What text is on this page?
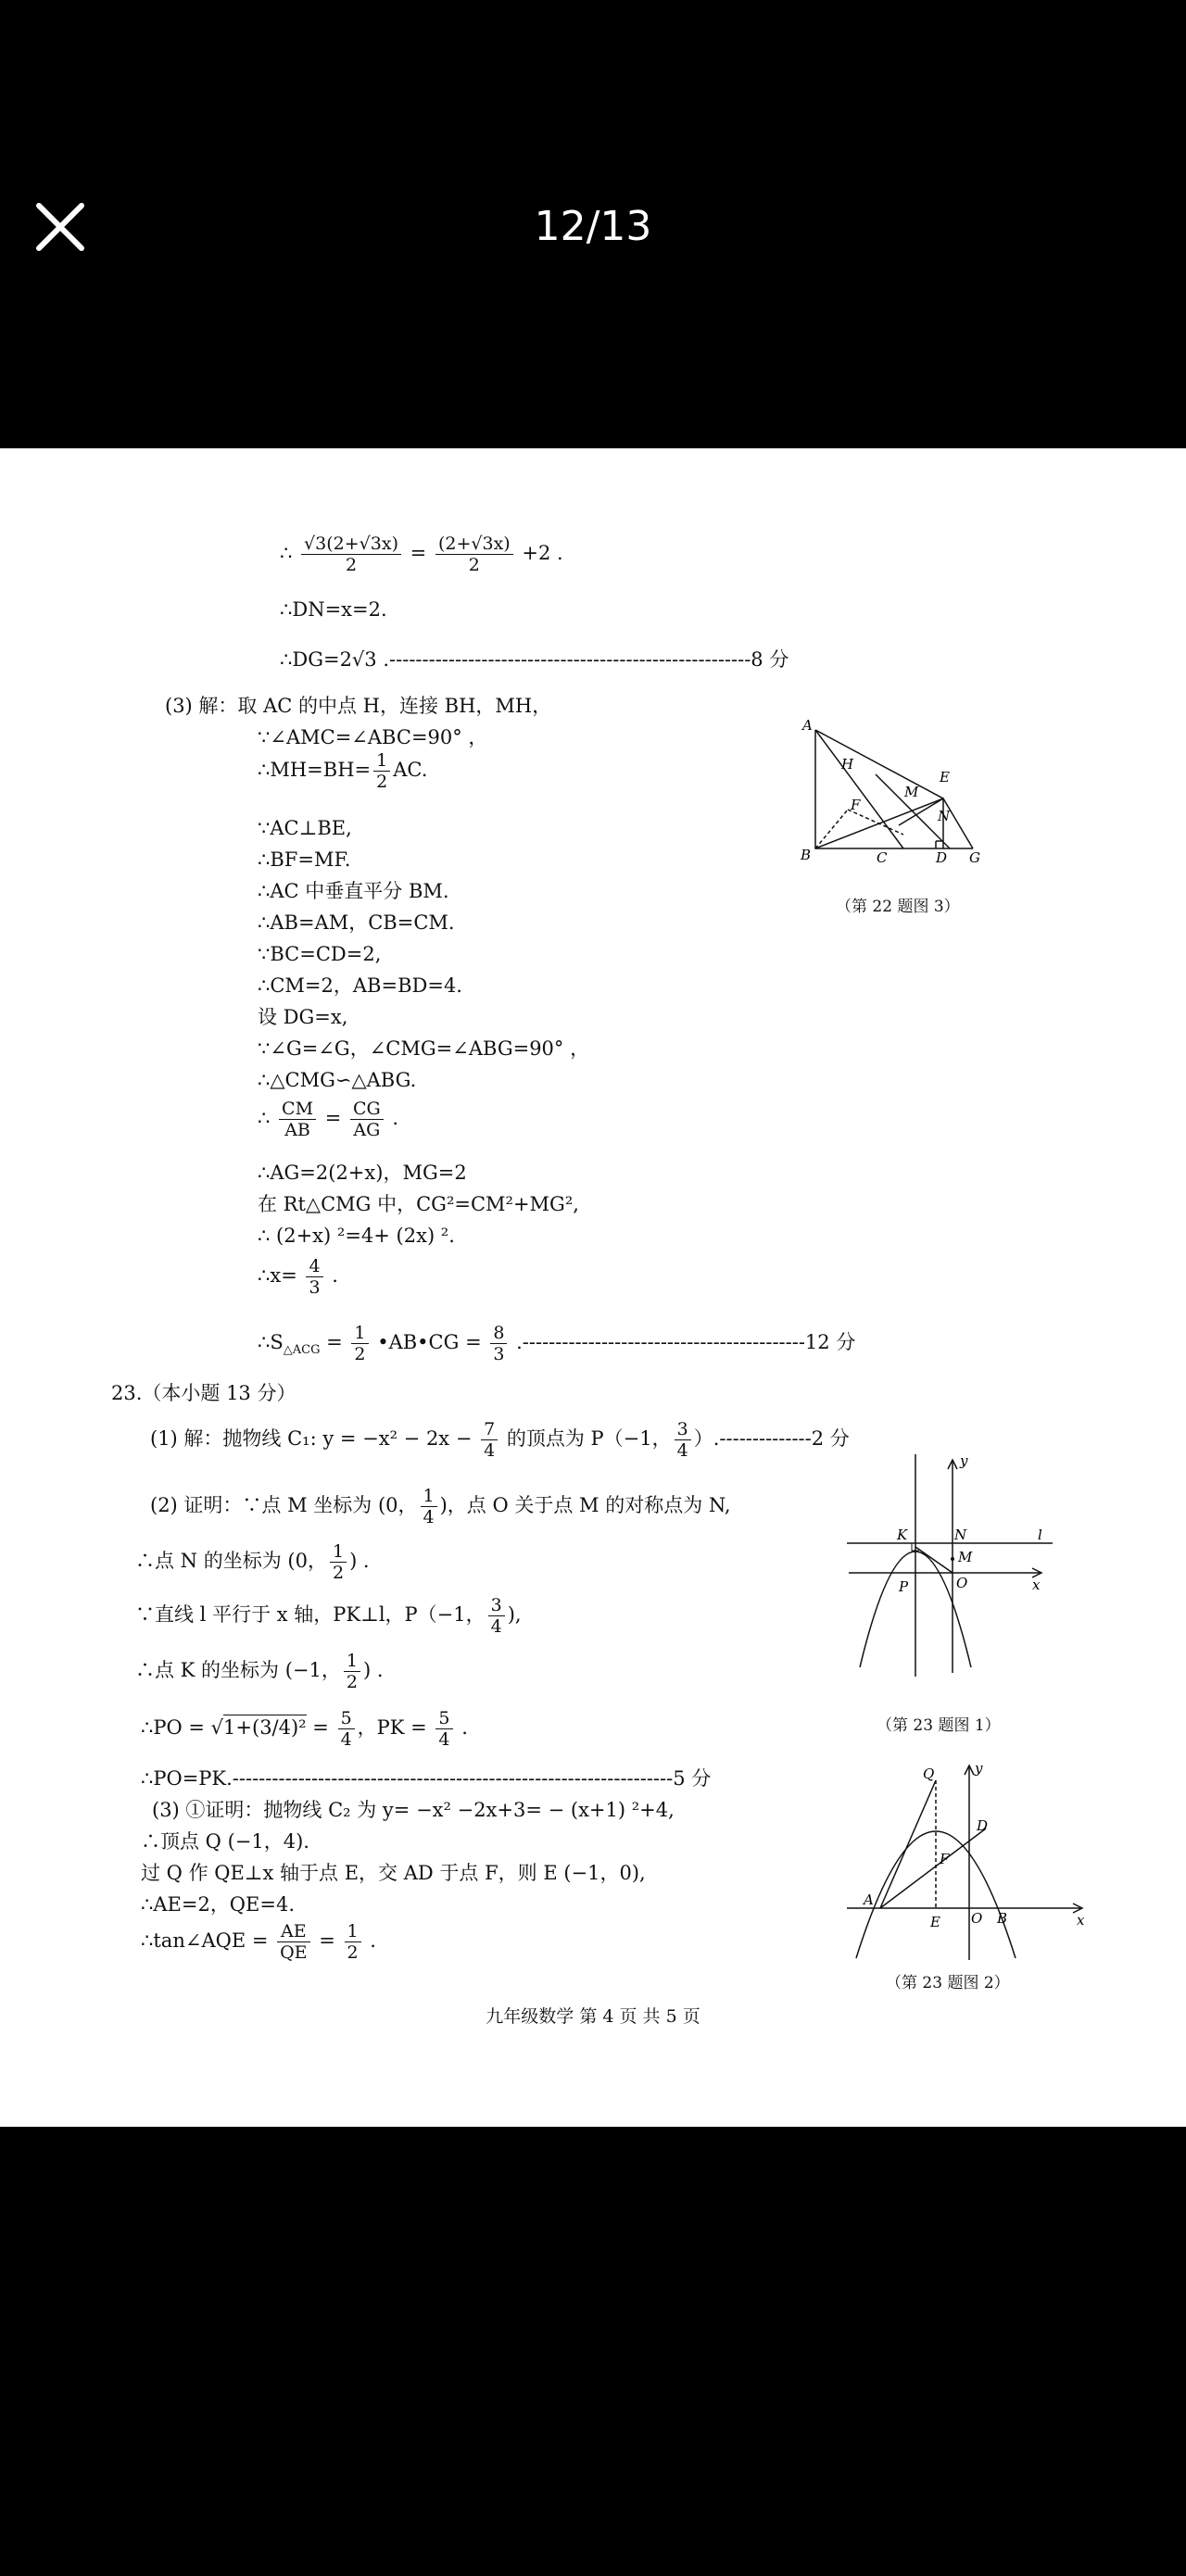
12/13
∴ $\frac{√3(2+√3x)}{2} = \frac{(2+√3x)}{2} +2$ .
∴DN=x=2.
∴DG=2√3 .-------------------------------------------------------8 分
(3) 解：取 AC 的中点 H，连接 BH，MH，
∵∠AMC=∠ABC=90° ，
∴MH=BH= $\frac{1}{2}$ AC.
∵AC⊥BE,
∴BF=MF.
∴AC 中垂直平分 BM.
∴AB=AM，CB=CM.
∵BC=CD=2,
∴CM=2，AB=BD=4.
设 DG=x,
∵∠G=∠G，∠CMG=∠ABG=90° ，
∴△CMG∽△ABG.
∴ $\frac{CM}{AB} = \frac{CG}{AG}$ .
∴AG=2(2+x)，MG=2
在 Rt△CMG 中，CG²=CM²+MG²,
∴ (2+x) ²=4+ (2x) ².
∴x= $\frac{4}{3}$ .
$\therefore S_{\triangle ACG} = \frac{1}{2}$ •AB•CG = $\frac{8}{3} .-------------------------------------------12$ 分
23.（本小题 13 分）
(1) 解：抛物线 C₁: $y = -x^2 - 2x - \frac{7}{4}$ 的顶点为 P（−1， $\frac{3}{4} ).--------------2$ 分
(2) 证明：∵点 M 坐标为 (0， $\frac{1}{4}$ )，点 O 关于点 M 的对称点为 N,
∴点 N 的坐标为 (0， $\frac{1}{2}$ ) .
∵直线 l 平行于 x 轴，PK⊥l，P（−1， $\frac{3}{4}$ ),
∴点 K 的坐标为 (−1， $\frac{1}{2}$ ) .
∴PO = $√1+(3/4)^2 = \frac{5}{4}$ ，PK = $\frac{5}{4}$ .
∴PO=PK.-------------------------------------------------------------------5 分
(3) ①证明：抛物线 C₂ 为 y= −x² −2x+3= − (x+1) ²+4,
∴顶点 Q (−1，4).
过 Q 作 QE⊥x 轴于点 E，交 AD 于点 F，则 E (−1，0),
∴AE=2，QE=4.
∴tan∠AQE = $\frac{AE}{QE} = \frac{1}{2}$ .
A
H
F
M
E
N
B	C	D G
（第 22 题图 3）
y
K	N	l
M
P	O	x
（第 23 题图 1）
Q	y
D
F
A
E O B	x
（第 23 题图 2）
九年级数学 第 4 页 共 5 页
